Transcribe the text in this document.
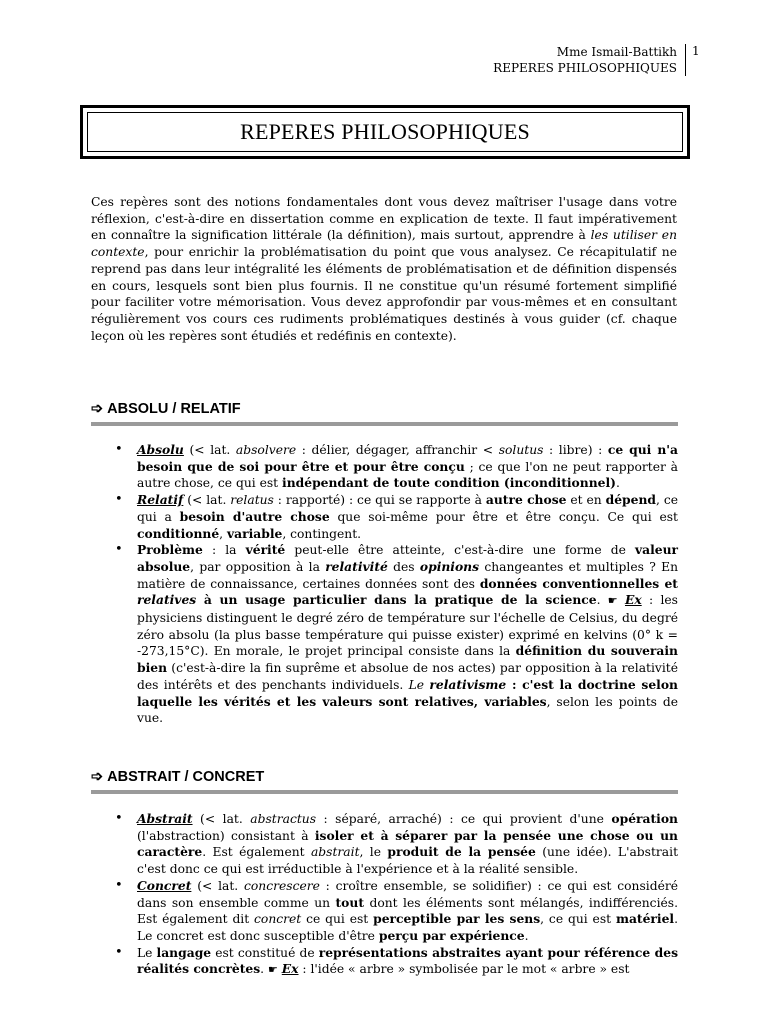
Mme Ismail-Battikh
REPERES PHILOSOPHIQUES
1
REPERES PHILOSOPHIQUES

Ces repères sont des notions fondamentales dont vous devez maîtriser l'usage dans votre réflexion, c'est-à-dire en dissertation comme en explication de texte. Il faut impérativement en connaître la signification littérale (la définition), mais surtout, apprendre à les utiliser en contexte, pour enrichir la problématisation du point que vous analysez. Ce récapitulatif ne reprend pas dans leur intégralité les éléments de problématisation et de définition dispensés en cours, lesquels sont bien plus fournis. Il ne constitue qu'un résumé fortement simplifié pour faciliter votre mémorisation. Vous devez approfondir par vous-mêmes et en consultant régulièrement vos cours ces rudiments problématiques destinés à vous guider (cf. chaque leçon où les repères sont étudiés et redéfinis en contexte).

➩ ABSOLU / RELATIF
• Absolu (< lat. absolvere : délier, dégager, affranchir < solutus : libre) : ce qui n'a besoin que de soi pour être et pour être conçu ; ce que l'on ne peut rapporter à autre chose, ce qui est indépendant de toute condition (inconditionnel).
• Relatif (< lat. relatus : rapporté) : ce qui se rapporte à autre chose et en dépend, ce qui a besoin d'autre chose que soi-même pour être et être conçu. Ce qui est conditionné, variable, contingent.
• Problème : la vérité peut-elle être atteinte, c'est-à-dire une forme de valeur absolue, par opposition à la relativité des opinions changeantes et multiples ? En matière de connaissance, certaines données sont des données conventionnelles et relatives à un usage particulier dans la pratique de la science. ☛ Ex : les physiciens distinguent le degré zéro de température sur l'échelle de Celsius, du degré zéro absolu (la plus basse température qui puisse exister) exprimé en kelvins (0° k = -273,15°C). En morale, le projet principal consiste dans la définition du souverain bien (c'est-à-dire la fin suprême et absolue de nos actes) par opposition à la relativité des intérêts et des penchants individuels. Le relativisme : c'est la doctrine selon laquelle les vérités et les valeurs sont relatives, variables, selon les points de vue.
➩ ABSTRAIT / CONCRET
• Abstrait (< lat. abstractus : séparé, arraché) : ce qui provient d'une opération (l'abstraction) consistant à isoler et à séparer par la pensée une chose ou un caractère. Est également abstrait, le produit de la pensée (une idée). L'abstrait c'est donc ce qui est irréductible à l'expérience et à la réalité sensible.
• Concret (< lat. concrescere : croître ensemble, se solidifier) : ce qui est considéré dans son ensemble comme un tout dont les éléments sont mélangés, indifférenciés. Est également dit concret ce qui est perceptible par les sens, ce qui est matériel. Le concret est donc susceptible d'être perçu par expérience.
• Le langage est constitué de représentations abstraites ayant pour référence des réalités concrètes. ☛ Ex : l'idée « arbre » symbolisée par le mot « arbre » est
